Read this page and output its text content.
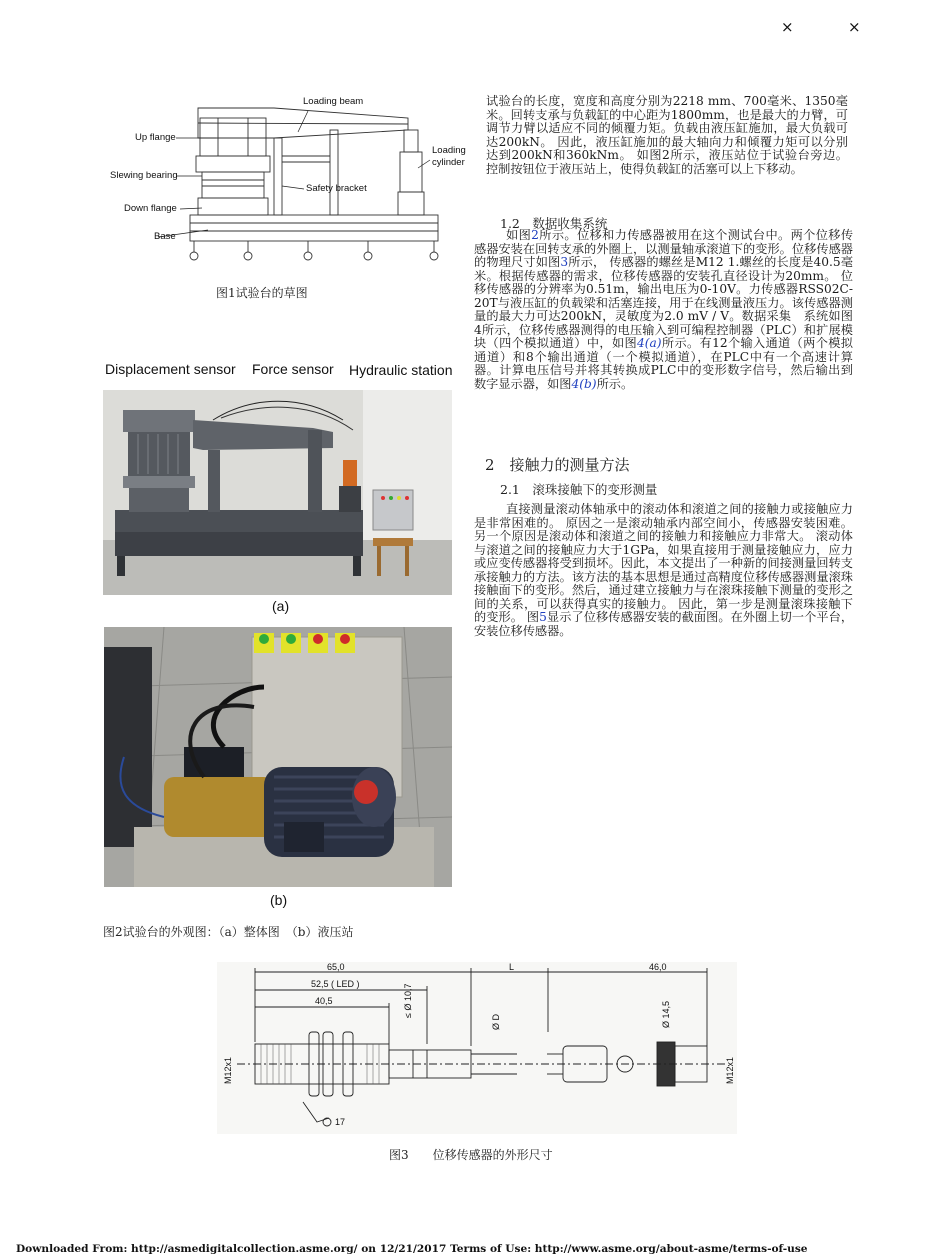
×	×
Loading beam
Up flange
Loading
cylinder
Slewing bearing
Safety bracket
Down flange
Base
图1试验台的草图
Displacement sensor Force sensor Hydraulic station
(a)
(b)
图2试验台的外观图：（a）整体图　（b）液压站

试验台的长度，宽度和高度分别为2218 mm、700毫米、1350毫米。回转支承与负载缸的中心距为1800mm，也是最大的力臂，可调节力臂以适应不同的倾覆力矩。负载由液压缸施加，最大负载可达200kN。 因此，液压缸施加的最大轴向力和倾覆力矩可以分别达到200kN和360kNm。 如图2所示，液压站位于试验台旁边。 控制按钮位于液压站上，使得负载缸的活塞可以上下移动。

1.2　数据收集系统

如图2所示。位移和力传感器被用在这个测试台中。两个位移传感器安装在回转支承的外圈上，以测量轴承滚道下的变形。位移传感器的物理尺寸如图3所示， 传感器的螺丝是M12 1.螺丝的长度是40.5毫米。根据传感器的需求，位移传感器的安装孔直径设计为20mm。 位移传感器的分辨率为0.51m，输出电压为0-10V。力传感器RSS02C-20T与液压缸的负载梁和活塞连接，用于在线测量液压力。该传感器测量的最大力可达200kN，灵敏度为2.0 mV / V。数据采集　系统如图4所示，位移传感器测得的电压输入到可编程控制器（PLC）和扩展模块（四个模拟通道）中，如图4(a)所示。有12个输入通道（两个模拟通道）和8个输出通道（一个模拟通道），在PLC中有一个高速计算器。计算电压信号并将其转换成PLC中的变形数字信号，然后输出到数字显示器，如图4(b)所示。

2　接触力的测量方法
2.1　滚珠接触下的变形测量

直接测量滚动体轴承中的滚动体和滚道之间的接触力或接触应力是非常困难的。 原因之一是滚动轴承内部空间小，传感器安装困难。另一个原因是滚动体和滚道之间的接触力和接触应力非常大。 滚动体与滚道之间的接触应力大于1GPa，如果直接用于测量接触应力，应力或应变传感器将受到损坏。因此，本文提出了一种新的间接测量回转支承接触力的方法。该方法的基本思想是通过高精度位移传感器测量滚珠接触面下的变形。然后，通过建立接触力与在滚珠接触下测量的变形之间的关系，可以获得真实的接触力。 因此，第一步是测量滚珠接触下的变形。 图5显示了位移传感器安装的截面图。在外圈上切一个平台，安装位移传感器。

65,0	L	46,0
52,5 ( LED )
40,5	≤ Ø 10,7
Ø D	Ø 14,5
M12x1	M12x1
17
图3　　位移传感器的外形尺寸
Downloaded From: http://asmedigitalcollection.asme.org/ on 12/21/2017 Terms of Use: http://www.asme.org/about-asme/terms-of-use
